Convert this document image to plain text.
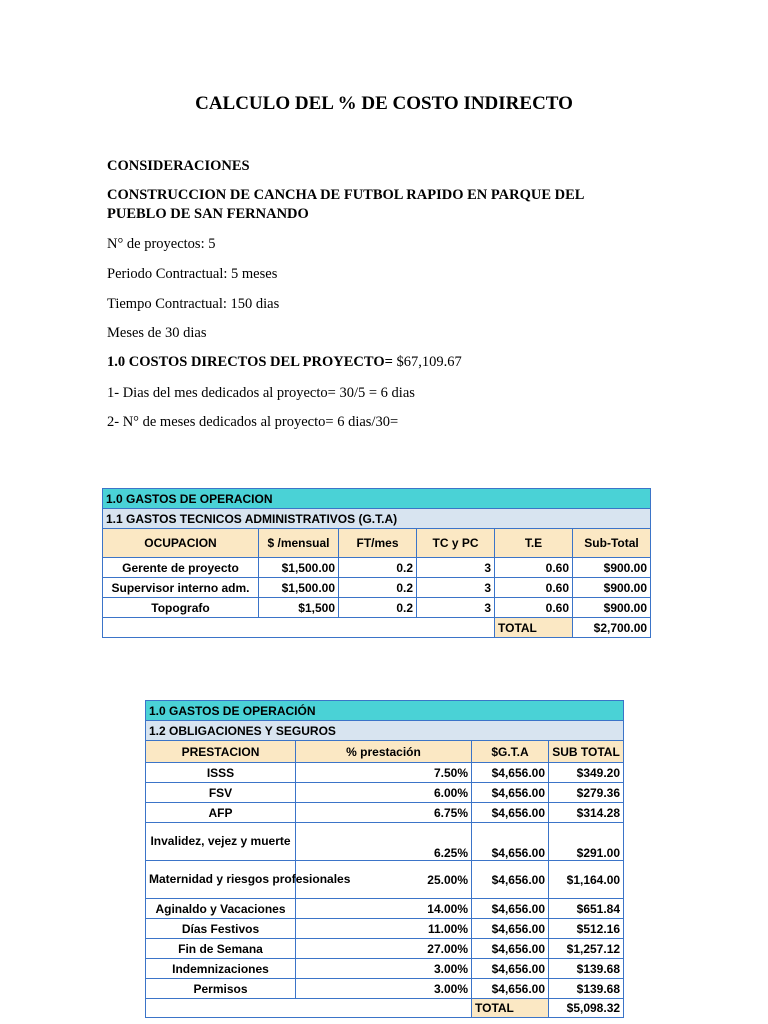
CALCULO DEL % DE COSTO INDIRECTO
CONSIDERACIONES
CONSTRUCCION DE CANCHA DE FUTBOL RAPIDO EN PARQUE DEL PUEBLO DE SAN FERNANDO
N° de proyectos: 5
Periodo Contractual: 5 meses
Tiempo Contractual: 150 dias
Meses de 30 dias
1.0 COSTOS DIRECTOS DEL PROYECTO= $67,109.67
1- Dias del mes dedicados al proyecto= 30/5 = 6 dias
2- N° de meses dedicados al proyecto= 6 dias/30=
1.0 GASTOS DE OPERACION					
1.1 GASTOS TECNICOS ADMINISTRATIVOS (G.T.A)					
OCUPACION	$ /mensual	FT/mes	TC y PC	T.E	Sub-Total
Gerente de proyecto	$1,500.00	0.2	3	0.60	$900.00
Supervisor interno adm.	$1,500.00	0.2	3	0.60	$900.00
Topografo	$1,500	0.2	3	0.60	$900.00
				TOTAL	$2,700.00
1.0 GASTOS DE OPERACIÓN			
1.2 OBLIGACIONES Y SEGUROS			
PRESTACION	% prestación	$G.T.A	SUB TOTAL
ISSS	7.50%	$4,656.00	$349.20
FSV	6.00%	$4,656.00	$279.36
AFP	6.75%	$4,656.00	$314.28
Invalidez, vejez y muerte	6.25%	$4,656.00	$291.00
Maternidad y riesgos profesionales	25.00%	$4,656.00	$1,164.00
Aginaldo y Vacaciones	14.00%	$4,656.00	$651.84
Días Festivos	11.00%	$4,656.00	$512.16
Fin de Semana	27.00%	$4,656.00	$1,257.12
Indemnizaciones	3.00%	$4,656.00	$139.68
Permisos	3.00%	$4,656.00	$139.68
		TOTAL	$5,098.32
